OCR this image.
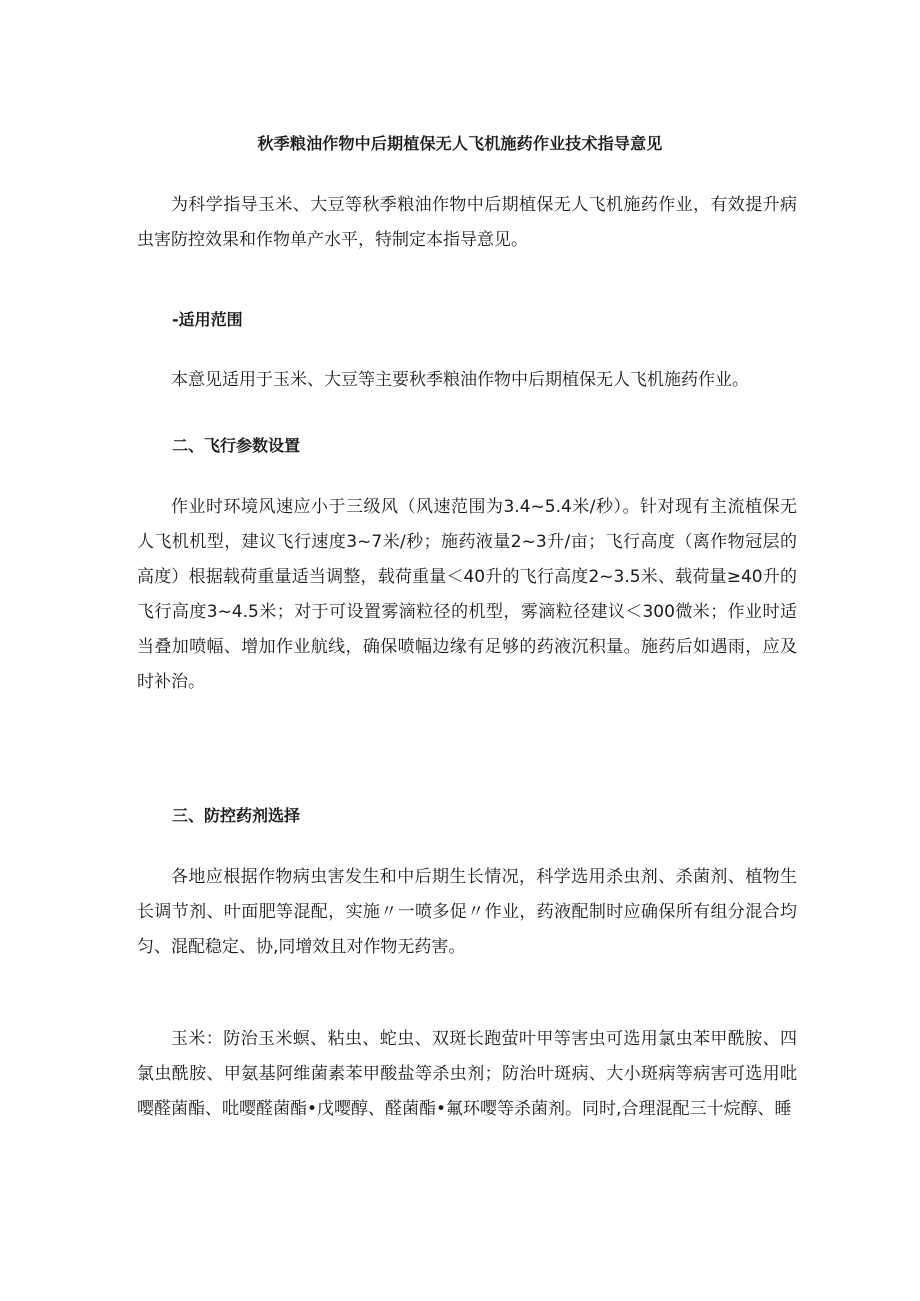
秋季粮油作物中后期植保无人飞机施药作业技术指导意见

为科学指导玉米、大豆等秋季粮油作物中后期植保无人飞机施药作业，有效提升病虫害防控效果和作物单产水平，特制定本指导意见。

-适用范围

本意见适用于玉米、大豆等主要秋季粮油作物中后期植保无人飞机施药作业。

二、飞行参数设置

作业时环境风速应小于三级风（风速范围为3.4~5.4米/秒）。针对现有主流植保无人飞机机型，建议飞行速度3~7米/秒；施药液量2~3升/亩；飞行高度（离作物冠层的高度）根据载荷重量适当调整，载荷重量＜40升的飞行高度2~3.5米、载荷量≥40升的飞行高度3~4.5米；对于可设置雾滴粒径的机型，雾滴粒径建议＜300微米；作业时适当叠加喷幅、增加作业航线，确保喷幅边缘有足够的药液沉积量。施药后如遇雨，应及时补治。

三、防控药剂选择

各地应根据作物病虫害发生和中后期生长情况，科学选用杀虫剂、杀菌剂、植物生长调节剂、叶面肥等混配，实施〃一喷多促〃作业，药液配制时应确保所有组分混合均匀、混配稳定、协,同增效且对作物无药害。

玉米：防治玉米螟、粘虫、蛇虫、双斑长跑萤叶甲等害虫可选用氯虫苯甲酰胺、四氯虫酰胺、甲氨基阿维菌素苯甲酸盐等杀虫剂；防治叶斑病、大小斑病等病害可选用吡嘤醛菌酯、吡嘤醛菌酯•戊嘤醇、醛菌酯•氟环嘤等杀菌剂。同时,合理混配三十烷醇、睡
